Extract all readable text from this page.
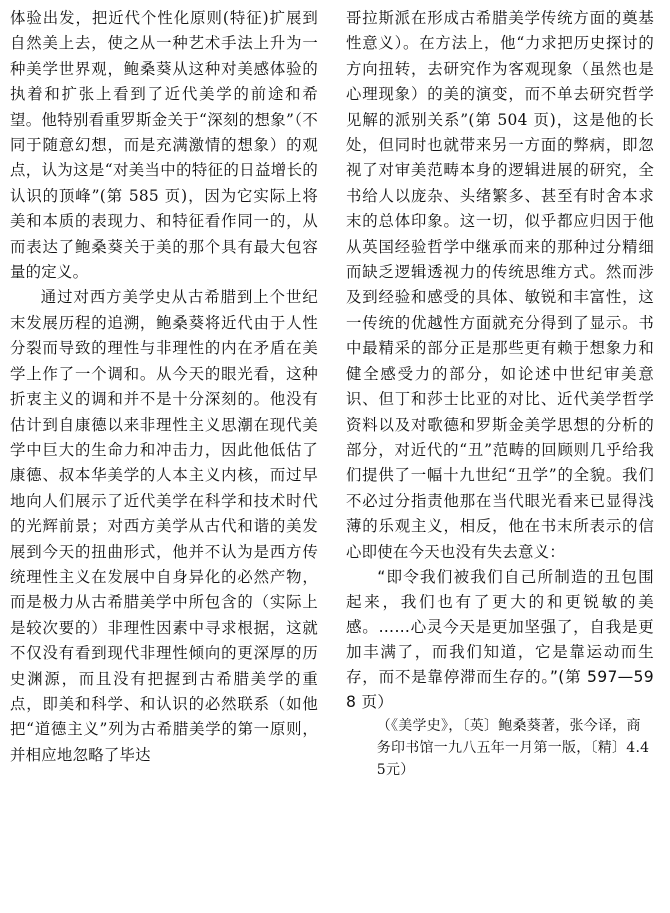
体验出发，把近代个性化原则(特征)扩展到自然美上去，使之从一种艺术手法上升为一种美学世界观，鲍桑葵从这种对美感体验的执着和扩张上看到了近代美学的前途和希望。他特别看重罗斯金关于“深刻的想象”（不同于随意幻想，而是充满激情的想象）的观点，认为这是“对美当中的特征的日益增长的认识的顶峰”(第 585 页)，因为它实际上将美和本质的表现力、和特征看作同一的，从而表达了鲍桑葵关于美的那个具有最大包容量的定义。

通过对西方美学史从古希腊到上个世纪末发展历程的追溯，鲍桑葵将近代由于人性分裂而导致的理性与非理性的内在矛盾在美学上作了一个调和。从今天的眼光看，这种折衷主义的调和并不是十分深刻的。他没有估计到自康德以来非理性主义思潮在现代美学中巨大的生命力和冲击力，因此他低估了康德、叔本华美学的人本主义内核，而过早地向人们展示了近代美学在科学和技术时代的光辉前景；对西方美学从古代和谐的美发展到今天的扭曲形式，他并不认为是西方传统理性主义在发展中自身异化的必然产物，而是极力从古希腊美学中所包含的（实际上是较次要的）非理性因素中寻求根据，这就不仅没有看到现代非理性倾向的更深厚的历史渊源，而且没有把握到古希腊美学的重点，即美和科学、和认识的必然联系（如他把“道德主义”列为古希腊美学的第一原则，并相应地忽略了毕达

哥拉斯派在形成古希腊美学传统方面的奠基性意义）。在方法上，他“力求把历史探讨的方向扭转，去研究作为客观现象（虽然也是心理现象）的美的演变，而不单去研究哲学见解的派别关系”(第 504 页)，这是他的长处，但同时也就带来另一方面的弊病，即忽视了对审美范畴本身的逻辑进展的研究，全书给人以庞杂、头绪繁多、甚至有时舍本求末的总体印象。这一切，似乎都应归因于他从英国经验哲学中继承而来的那种过分精细而缺乏逻辑透视力的传统思维方式。然而涉及到经验和感受的具体、敏锐和丰富性，这一传统的优越性方面就充分得到了显示。书中最精采的部分正是那些更有赖于想象力和健全感受力的部分，如论述中世纪审美意识、但丁和莎士比亚的对比、近代美学哲学资料以及对歌德和罗斯金美学思想的分析的部分，对近代的“丑”范畴的回顾则几乎给我们提供了一幅十九世纪“丑学”的全貌。我们不必过分指责他那在当代眼光看来已显得浅薄的乐观主义，相反，他在书末所表示的信心即使在今天也没有失去意义：

“即令我们被我们自己所制造的丑包围起来，我们也有了更大的和更锐敏的美感。……心灵今天是更加坚强了，自我是更加丰满了，而我们知道，它是靠运动而生存，而不是靠停滞而生存的。”(第 597—598 页）

（《美学史》，〔英〕鲍桑葵著，张今译，商务印书馆一九八五年一月第一版，〔精〕4.45元）
